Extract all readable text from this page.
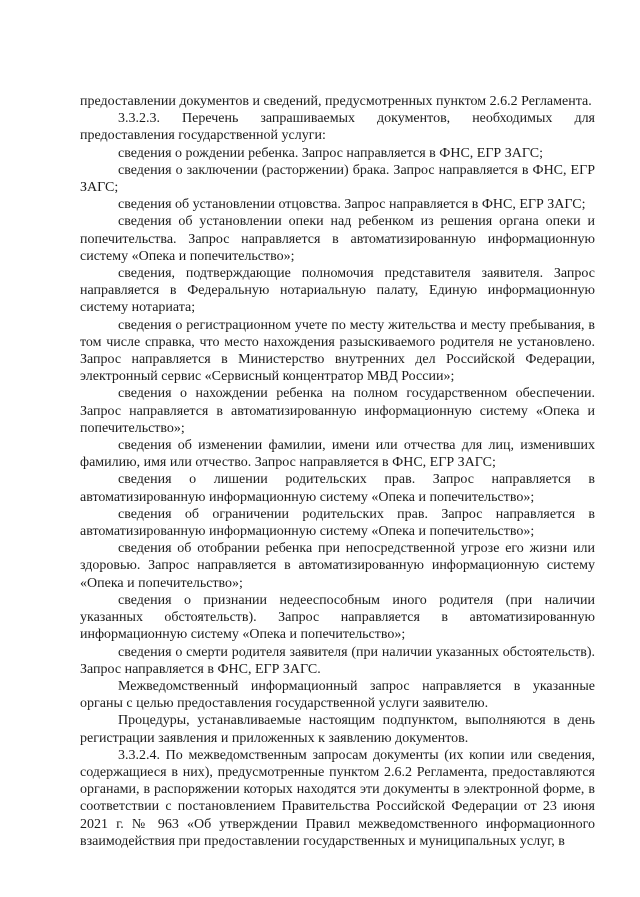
предоставлении документов и сведений, предусмотренных пунктом 2.6.2 Регламента.

3.3.2.3. Перечень запрашиваемых документов, необходимых для предоставления государственной услуги:

сведения о рождении ребенка. Запрос направляется в ФНС, ЕГР ЗАГС;

сведения о заключении (расторжении) брака. Запрос направляется в ФНС, ЕГР ЗАГС;

сведения об установлении отцовства. Запрос направляется в ФНС, ЕГР ЗАГС;

сведения об установлении опеки над ребенком из решения органа опеки и попечительства. Запрос направляется в автоматизированную информационную систему «Опека и попечительство»;

сведения, подтверждающие полномочия представителя заявителя. Запрос направляется в Федеральную нотариальную палату, Единую информационную систему нотариата;

сведения о регистрационном учете по месту жительства и месту пребывания, в том числе справка, что место нахождения разыскиваемого родителя не установлено. Запрос направляется в Министерство внутренних дел Российской Федерации, электронный сервис «Сервисный концентратор МВД России»;

сведения о нахождении ребенка на полном государственном обеспечении. Запрос направляется в автоматизированную информационную систему «Опека и попечительство»;

сведения об изменении фамилии, имени или отчества для лиц, изменивших фамилию, имя или отчество. Запрос направляется в ФНС, ЕГР ЗАГС;

сведения о лишении родительских прав. Запрос направляется в автоматизированную информационную систему «Опека и попечительство»;

сведения об ограничении родительских прав. Запрос направляется в автоматизированную информационную систему «Опека и попечительство»;

сведения об отобрании ребенка при непосредственной угрозе его жизни или здоровью. Запрос направляется в автоматизированную информационную систему «Опека и попечительство»;

сведения о признании недееспособным иного родителя (при наличии указанных обстоятельств). Запрос направляется в автоматизированную информационную систему «Опека и попечительство»;

сведения о смерти родителя заявителя (при наличии указанных обстоятельств). Запрос направляется в ФНС, ЕГР ЗАГС.

Межведомственный информационный запрос направляется в указанные органы с целью предоставления государственной услуги заявителю.

Процедуры, устанавливаемые настоящим подпунктом, выполняются в день регистрации заявления и приложенных к заявлению документов.

3.3.2.4. По межведомственным запросам документы (их копии или сведения, содержащиеся в них), предусмотренные пунктом 2.6.2 Регламента, предоставляются органами, в распоряжении которых находятся эти документы в электронной форме, в соответствии с постановлением Правительства Российской Федерации от 23 июня 2021 г. № 963 «Об утверждении Правил межведомственного информационного взаимодействия при предоставлении государственных и муниципальных услуг, в
